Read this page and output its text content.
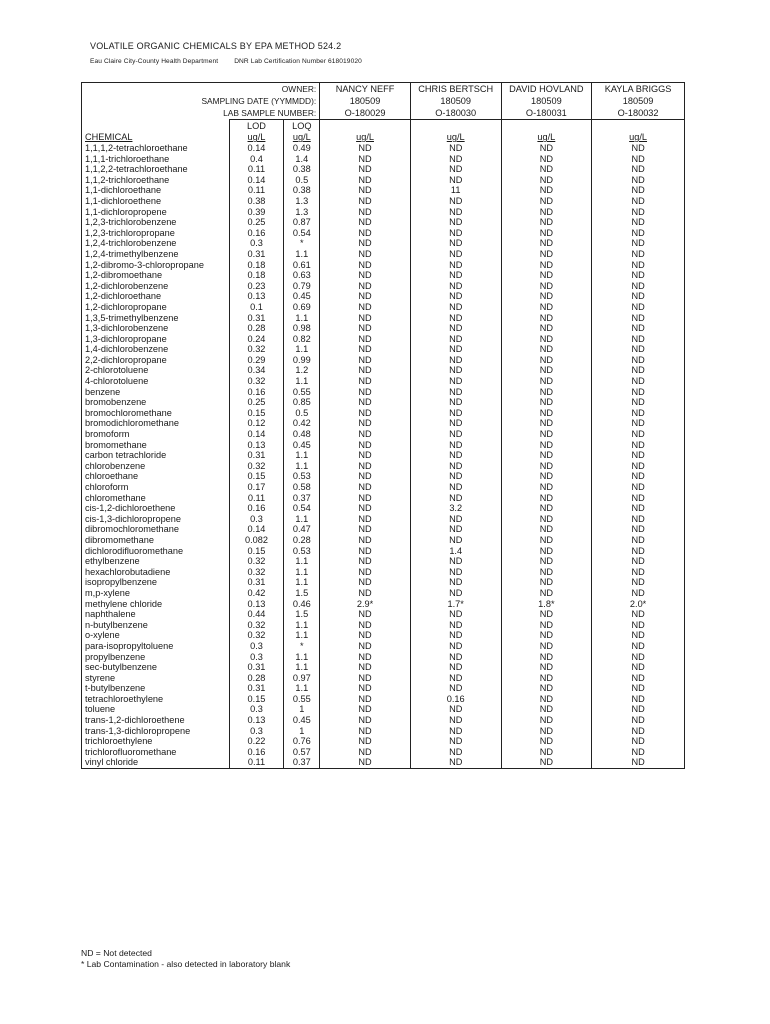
VOLATILE ORGANIC CHEMICALS BY EPA METHOD 524.2
Eau Claire City-County Health Department DNR Lab Certification Number 618019020
OWNER:			NANCY NEFF	CHRIS BERTSCH	DAVID HOVLAND	KAYLA BRIGGS
SAMPLING DATE (YYMMDD):			180509	180509	180509	180509
LAB SAMPLE NUMBER:			O-180029	O-180030	O-180031	O-180032
	LOD	LOQ				
CHEMICAL	ug/L	ug/L	ug/L	ug/L	ug/L	ug/L
1,1,1,2-tetrachloroethane	0.14	0.49	ND	ND	ND	ND
1,1,1-trichloroethane	0.4	1.4	ND	ND	ND	ND
1,1,2,2-tetrachloroethane	0.11	0.38	ND	ND	ND	ND
1,1,2-trichloroethane	0.14	0.5	ND	ND	ND	ND
1,1-dichloroethane	0.11	0.38	ND	11	ND	ND
1,1-dichloroethene	0.38	1.3	ND	ND	ND	ND
1,1-dichloropropene	0.39	1.3	ND	ND	ND	ND
1,2,3-trichlorobenzene	0.25	0.87	ND	ND	ND	ND
1,2,3-trichloropropane	0.16	0.54	ND	ND	ND	ND
1,2,4-trichlorobenzene	0.3	*	ND	ND	ND	ND
1,2,4-trimethylbenzene	0.31	1.1	ND	ND	ND	ND
1,2-dibromo-3-chloropropane	0.18	0.61	ND	ND	ND	ND
1,2-dibromoethane	0.18	0.63	ND	ND	ND	ND
1,2-dichlorobenzene	0.23	0.79	ND	ND	ND	ND
1,2-dichloroethane	0.13	0.45	ND	ND	ND	ND
1,2-dichloropropane	0.1	0.69	ND	ND	ND	ND
1,3,5-trimethylbenzene	0.31	1.1	ND	ND	ND	ND
1,3-dichlorobenzene	0.28	0.98	ND	ND	ND	ND
1,3-dichloropropane	0.24	0.82	ND	ND	ND	ND
1,4-dichlorobenzene	0.32	1.1	ND	ND	ND	ND
2,2-dichloropropane	0.29	0.99	ND	ND	ND	ND
2-chlorotoluene	0.34	1.2	ND	ND	ND	ND
4-chlorotoluene	0.32	1.1	ND	ND	ND	ND
benzene	0.16	0.55	ND	ND	ND	ND
bromobenzene	0.25	0.85	ND	ND	ND	ND
bromochloromethane	0.15	0.5	ND	ND	ND	ND
bromodichloromethane	0.12	0.42	ND	ND	ND	ND
bromoform	0.14	0.48	ND	ND	ND	ND
bromomethane	0.13	0.45	ND	ND	ND	ND
carbon tetrachloride	0.31	1.1	ND	ND	ND	ND
chlorobenzene	0.32	1.1	ND	ND	ND	ND
chloroethane	0.15	0.53	ND	ND	ND	ND
chloroform	0.17	0.58	ND	ND	ND	ND
chloromethane	0.11	0.37	ND	ND	ND	ND
cis-1,2-dichloroethene	0.16	0.54	ND	3.2	ND	ND
cis-1,3-dichloropropene	0.3	1.1	ND	ND	ND	ND
dibromochloromethane	0.14	0.47	ND	ND	ND	ND
dibromomethane	0.082	0.28	ND	ND	ND	ND
dichlorodifluoromethane	0.15	0.53	ND	1.4	ND	ND
ethylbenzene	0.32	1.1	ND	ND	ND	ND
hexachlorobutadiene	0.32	1.1	ND	ND	ND	ND
isopropylbenzene	0.31	1.1	ND	ND	ND	ND
m,p-xylene	0.42	1.5	ND	ND	ND	ND
methylene chloride	0.13	0.46	2.9*	1.7*	1.8*	2.0*
naphthalene	0.44	1.5	ND	ND	ND	ND
n-butylbenzene	0.32	1.1	ND	ND	ND	ND
o-xylene	0.32	1.1	ND	ND	ND	ND
para-isopropyltoluene	0.3	*	ND	ND	ND	ND
propylbenzene	0.3	1.1	ND	ND	ND	ND
sec-butylbenzene	0.31	1.1	ND	ND	ND	ND
styrene	0.28	0.97	ND	ND	ND	ND
t-butylbenzene	0.31	1.1	ND	ND	ND	ND
tetrachloroethylene	0.15	0.55	ND	0.16	ND	ND
toluene	0.3	1	ND	ND	ND	ND
trans-1,2-dichloroethene	0.13	0.45	ND	ND	ND	ND
trans-1,3-dichloropropene	0.3	1	ND	ND	ND	ND
trichloroethylene	0.22	0.76	ND	ND	ND	ND
trichlorofluoromethane	0.16	0.57	ND	ND	ND	ND
vinyl chloride	0.11	0.37	ND	ND	ND	ND
ND = Not detected
* Lab Contamination - also detected in laboratory blank
